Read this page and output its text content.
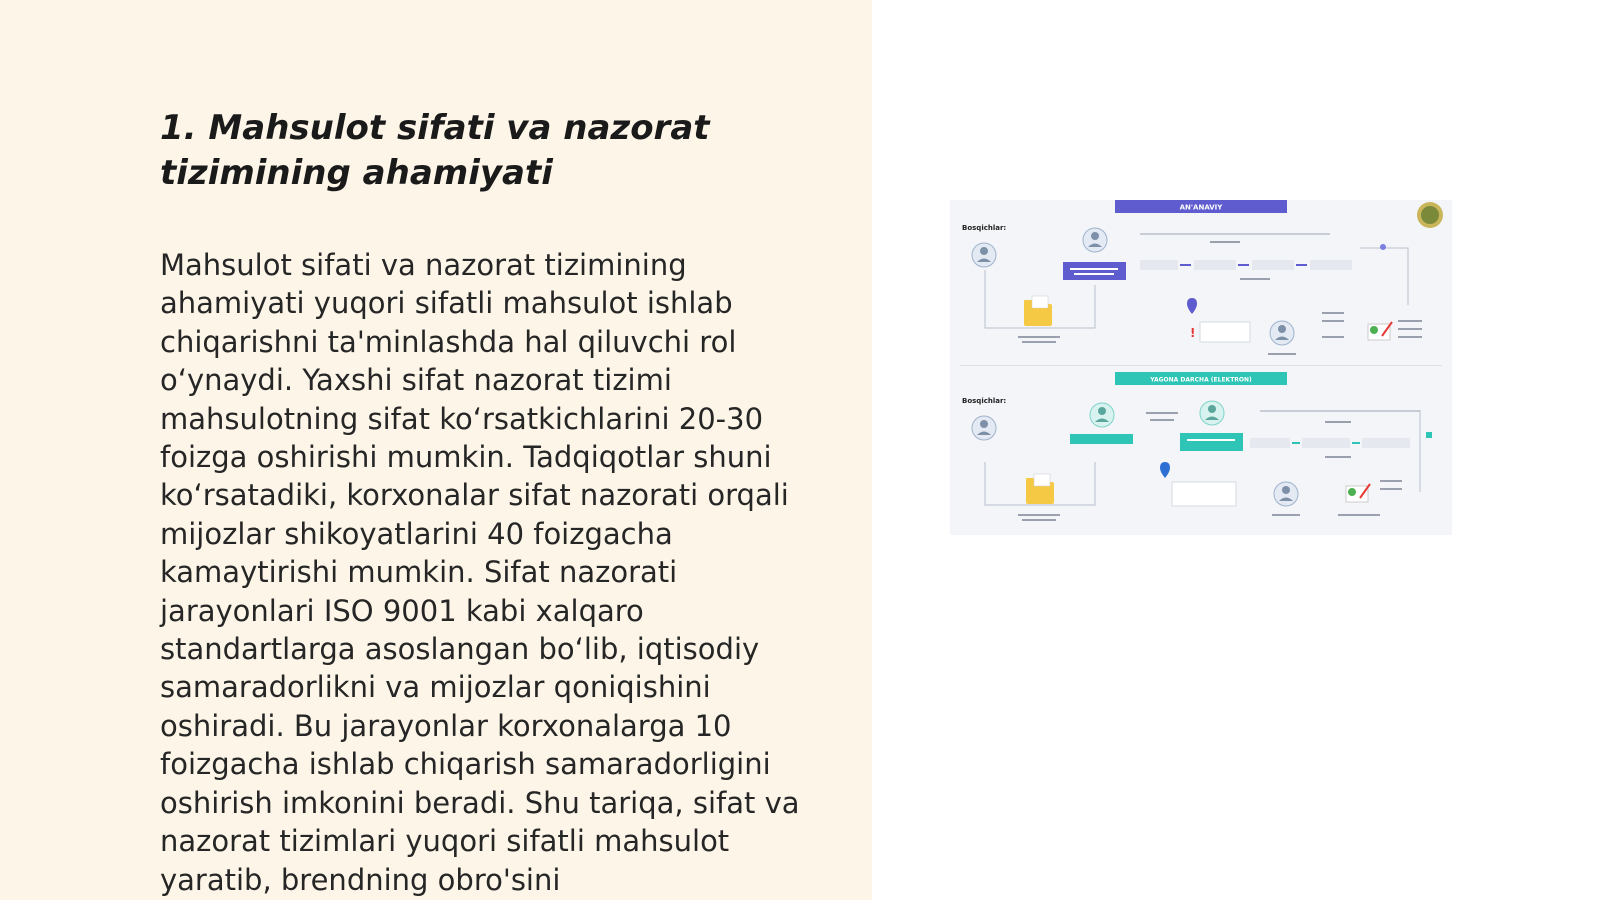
1. Mahsulot sifati va nazorat tizimining ahamiyati

Mahsulot sifati va nazorat tizimining ahamiyati yuqori sifatli mahsulot ishlab chiqarishni ta'minlashda hal qiluvchi rol o‘ynaydi. Yaxshi sifat nazorat tizimi mahsulotning sifat ko‘rsatkichlarini 20-30 foizga oshirishi mumkin. Tadqiqotlar shuni ko‘rsatadiki, korxonalar sifat nazorati orqali mijozlar shikoyatlarini 40 foizgacha kamaytirishi mumkin. Sifat nazorati jarayonlari ISO 9001 kabi xalqaro standartlarga asoslangan bo‘lib, iqtisodiy samaradorlikni va mijozlar qoniqishini oshiradi. Bu jarayonlar korxonalarga 10 foizgacha ishlab chiqarish samaradorligini oshirish imkonini beradi. Shu tariqa, sifat va nazorat tizimlari yuqori sifatli mahsulot yaratib, brendning obro'sini

AN'ANAVIY
Bosqichlar:
!
YAGONA DARCHA (ELEKTRON)
Bosqichlar:
